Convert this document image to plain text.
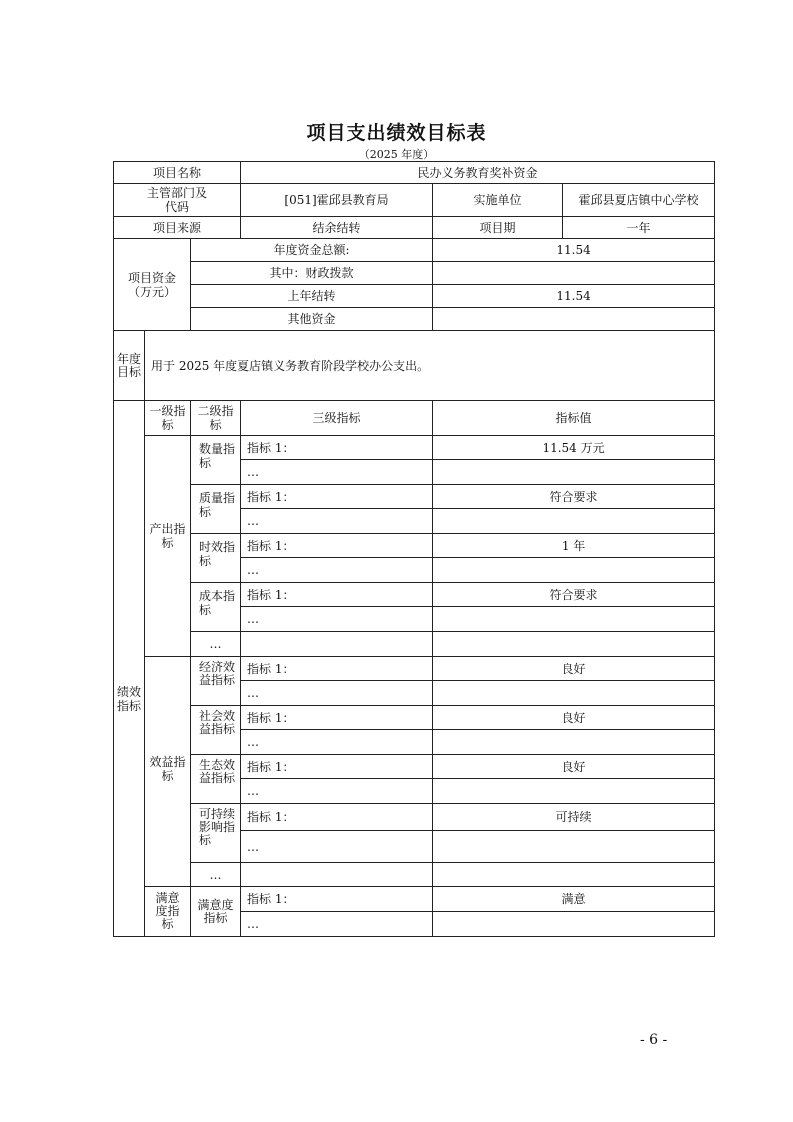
项目支出绩效目标表
（2025 年度）
项目名称			民办义务教育奖补资金		
主管部门及代码			[051]霍邱县教育局	实施单位	霍邱县夏店镇中心学校
项目来源			结余结转	项目期	一年
项目资金（万元）		年度资金总额:		11.54	
		其中：财政拨款			
		上年结转		11.54	
		其他资金			
年度目标	用于 2025 年度夏店镇义务教育阶段学校办公支出。				
绩效指标	一级指标	二级指标	三级指标	指标值	
	产出指标	数量指标	指标 1：	11.54 万元	
			…		
		质量指标	指标 1：	符合要求	
			…		
		时效指标	指标 1：	1 年	
			…		
		成本指标	指标 1：	符合要求	
			…		
		…			
	效益指标	经济效益指标	指标 1：	良好	
			…		
		社会效益指标	指标 1：	良好	
			…		
		生态效益指标	指标 1：	良好	
			…		
		可持续影响指标	指标 1：	可持续	
			…		
		…			
	满意度指标	满意度指标	指标 1：	满意	
			…		
- 6 -
